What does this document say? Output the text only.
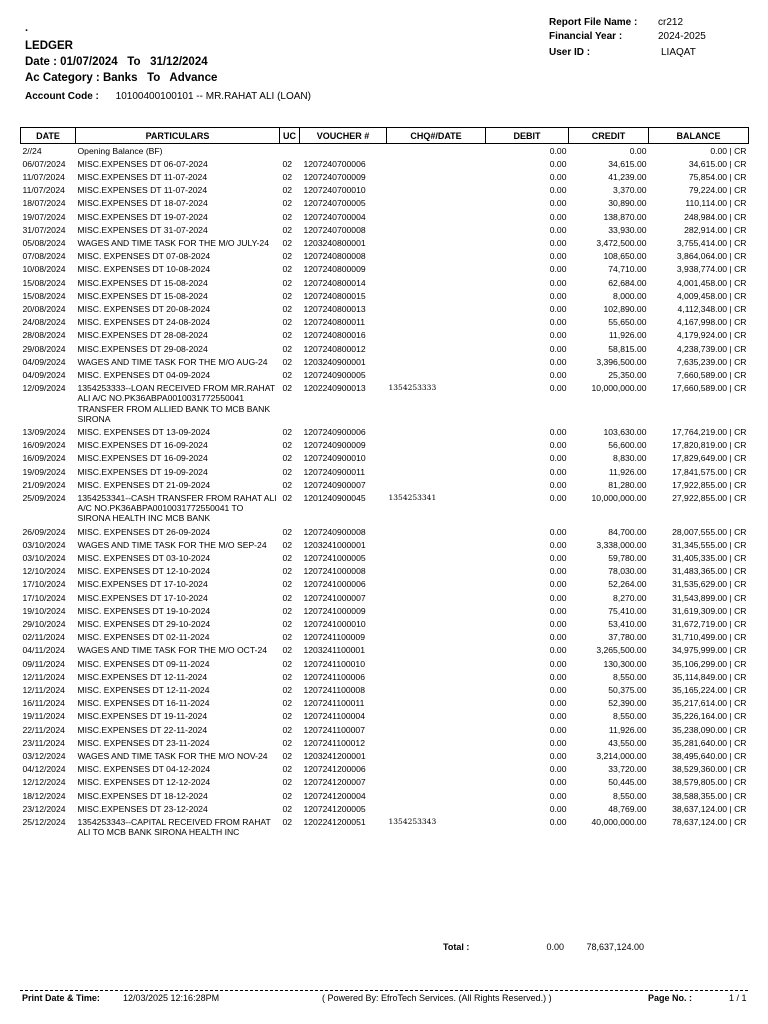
.
LEDGER
Date : 01/07/2024   To   31/12/2024
Ac Category : Banks   To   Advance
Account Code : 10100400100101 -- MR.RAHAT ALI (LOAN)
Report File Name : cr212
Financial Year :	2024-2025
User ID :	LIAQAT
DATE	PARTICULARS	UC	VOUCHER #	CHQ#/DATE	DEBIT	CREDIT	BALANCE
2//24	Opening Balance (BF)				0.00	0.00	0.00 | CR
06/07/2024	MISC.EXPENSES DT 06-07-2024	02	1207240700006		0.00	34,615.00	34,615.00 | CR
11/07/2024	MISC.EXPENSES DT 11-07-2024	02	1207240700009		0.00	41,239.00	75,854.00 | CR
11/07/2024	MISC.EXPENSES DT 11-07-2024	02	1207240700010		0.00	3,370.00	79,224.00 | CR
18/07/2024	MISC.EXPENSES DT 18-07-2024	02	1207240700005		0.00	30,890.00	110,114.00 | CR
19/07/2024	MISC.EXPENSES DT 19-07-2024	02	1207240700004		0.00	138,870.00	248,984.00 | CR
31/07/2024	MISC.EXPENSES DT 31-07-2024	02	1207240700008		0.00	33,930.00	282,914.00 | CR
05/08/2024	WAGES AND TIME TASK FOR THE M/O JULY-24	02	1203240800001		0.00	3,472,500.00	3,755,414.00 | CR
07/08/2024	MISC. EXPENSES DT 07-08-2024	02	1207240800008		0.00	108,650.00	3,864,064.00 | CR
10/08/2024	MISC. EXPENSES DT 10-08-2024	02	1207240800009		0.00	74,710.00	3,938,774.00 | CR
15/08/2024	MISC.EXPENSES DT 15-08-2024	02	1207240800014		0.00	62,684.00	4,001,458.00 | CR
15/08/2024	MISC.EXPENSES DT 15-08-2024	02	1207240800015		0.00	8,000.00	4,009,458.00 | CR
20/08/2024	MISC. EXPENSES DT 20-08-2024	02	1207240800013		0.00	102,890.00	4,112,348.00 | CR
24/08/2024	MISC. EXPENSES DT 24-08-2024	02	1207240800011		0.00	55,650.00	4,167,998.00 | CR
28/08/2024	MISC.EXPENSES DT 28-08-2024	02	1207240800016		0.00	11,926.00	4,179,924.00 | CR
29/08/2024	MISC.EXPENSES DT 29-08-2024	02	1207240800012		0.00	58,815.00	4,238,739.00 | CR
04/09/2024	WAGES AND TIME TASK FOR THE M/O AUG-24	02	1203240900001		0.00	3,396,500.00	7,635,239.00 | CR
04/09/2024	MISC. EXPENSES DT 04-09-2024	02	1207240900005		0.00	25,350.00	7,660,589.00 | CR
12/09/2024	1354253333--LOAN RECEIVED FROM MR.RAHAT ALI A/C NO.PK36ABPA0010031772550041 TRANSFER FROM ALLIED BANK TO MCB BANK SIRONA	02	1202240900013	1354253333	0.00	10,000,000.00	17,660,589.00 | CR
13/09/2024	MISC. EXPENSES DT 13-09-2024	02	1207240900006		0.00	103,630.00	17,764,219.00 | CR
16/09/2024	MISC.EXPENSES DT 16-09-2024	02	1207240900009		0.00	56,600.00	17,820,819.00 | CR
16/09/2024	MISC.EXPENSES DT 16-09-2024	02	1207240900010		0.00	8,830.00	17,829,649.00 | CR
19/09/2024	MISC.EXPENSES DT 19-09-2024	02	1207240900011		0.00	11,926.00	17,841,575.00 | CR
21/09/2024	MISC. EXPENSES DT 21-09-2024	02	1207240900007		0.00	81,280.00	17,922,855.00 | CR
25/09/2024	1354253341--CASH TRANSFER FROM RAHAT ALI A/C NO.PK36ABPA0010031772550041 TO SIRONA HEALTH INC MCB BANK	02	1201240900045	1354253341	0.00	10,000,000.00	27,922,855.00 | CR
26/09/2024	MISC. EXPENSES DT 26-09-2024	02	1207240900008		0.00	84,700.00	28,007,555.00 | CR
03/10/2024	WAGES AND TIME TASK FOR THE M/O SEP-24	02	1203241000001		0.00	3,338,000.00	31,345,555.00 | CR
03/10/2024	MISC. EXPENSES DT 03-10-2024	02	1207241000005		0.00	59,780.00	31,405,335.00 | CR
12/10/2024	MISC. EXPENSES DT 12-10-2024	02	1207241000008		0.00	78,030.00	31,483,365.00 | CR
17/10/2024	MISC.EXPENSES DT 17-10-2024	02	1207241000006		0.00	52,264.00	31,535,629.00 | CR
17/10/2024	MISC.EXPENSES DT 17-10-2024	02	1207241000007		0.00	8,270.00	31,543,899.00 | CR
19/10/2024	MISC. EXPENSES DT 19-10-2024	02	1207241000009		0.00	75,410.00	31,619,309.00 | CR
29/10/2024	MISC. EXPENSES DT 29-10-2024	02	1207241000010		0.00	53,410.00	31,672,719.00 | CR
02/11/2024	MISC. EXPENSES DT 02-11-2024	02	1207241100009		0.00	37,780.00	31,710,499.00 | CR
04/11/2024	WAGES AND TIME TASK FOR THE M/O OCT-24	02	1203241100001		0.00	3,265,500.00	34,975,999.00 | CR
09/11/2024	MISC. EXPENSES DT 09-11-2024	02	1207241100010		0.00	130,300.00	35,106,299.00 | CR
12/11/2024	MISC.EXPENSES DT 12-11-2024	02	1207241100006		0.00	8,550.00	35,114,849.00 | CR
12/11/2024	MISC. EXPENSES DT 12-11-2024	02	1207241100008		0.00	50,375.00	35,165,224.00 | CR
16/11/2024	MISC. EXPENSES DT 16-11-2024	02	1207241100011		0.00	52,390.00	35,217,614.00 | CR
19/11/2024	MISC.EXPENSES DT 19-11-2024	02	1207241100004		0.00	8,550.00	35,226,164.00 | CR
22/11/2024	MISC.EXPENSES DT 22-11-2024	02	1207241100007		0.00	11,926.00	35,238,090.00 | CR
23/11/2024	MISC. EXPENSES DT 23-11-2024	02	1207241100012		0.00	43,550.00	35,281,640.00 | CR
03/12/2024	WAGES AND TIME TASK FOR THE M/O NOV-24	02	1203241200001		0.00	3,214,000.00	38,495,640.00 | CR
04/12/2024	MISC. EXPENSES DT 04-12-2024	02	1207241200006		0.00	33,720.00	38,529,360.00 | CR
12/12/2024	MISC. EXPENSES DT 12-12-2024	02	1207241200007		0.00	50,445.00	38,579,805.00 | CR
18/12/2024	MISC.EXPENSES DT 18-12-2024	02	1207241200004		0.00	8,550.00	38,588,355.00 | CR
23/12/2024	MISC.EXPENSES DT 23-12-2024	02	1207241200005		0.00	48,769.00	38,637,124.00 | CR
25/12/2024	1354253343--CAPITAL RECEIVED FROM RAHAT ALI TO MCB BANK SIRONA HEALTH INC	02	1202241200051	1354253343	0.00	40,000,000.00	78,637,124.00 | CR
Total :	0.00	78,637,124.00
Print Date & Time:	12/03/2025 12:16:28PM	( Powered By: EfroTech Services. (All Rights Reserved.) )	Page No. :	1 / 1
